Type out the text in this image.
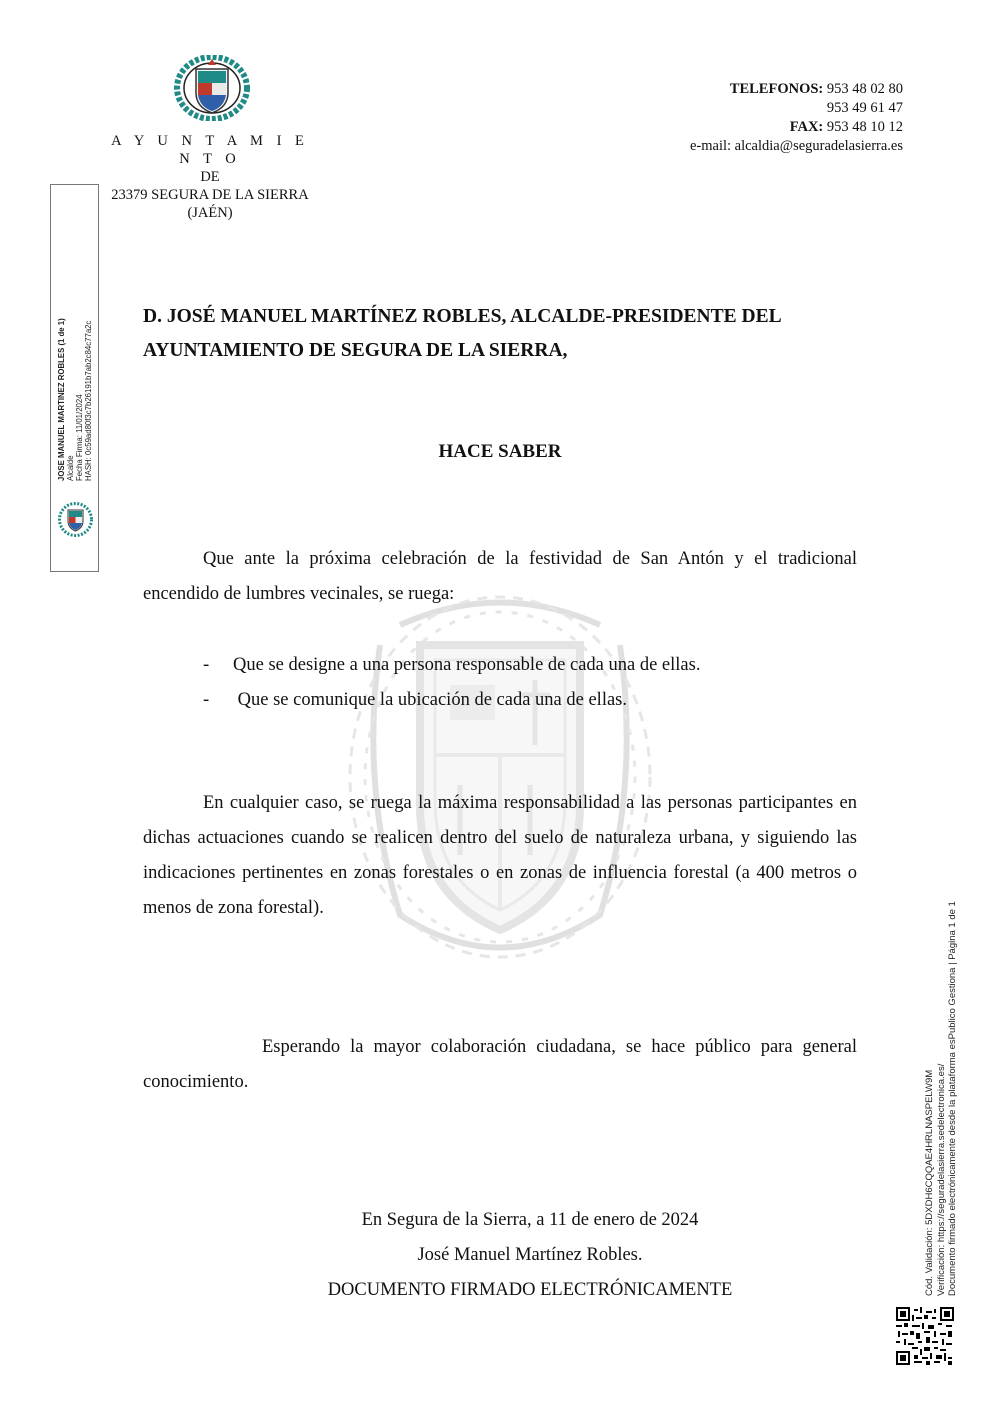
A Y U N T A M I E N T O
DE
23379 SEGURA DE LA SIERRA
(JAÉN)
TELEFONOS: 953 48 02 80
953 49 61 47
FAX: 953 48 10 12
e-mail: alcaldia@seguradelasierra.es
JOSE MANUEL MARTINEZ ROBLES (1 de 1) Alcalde Fecha Firma: 11/01/2024 HASH: 0c59ad80f3c7b26191b7ab2c84c77a2c
D. JOSÉ MANUEL MARTÍNEZ ROBLES, ALCALDE-PRESIDENTE DEL
AYUNTAMIENTO DE SEGURA DE LA SIERRA,
HACE SABER
Que ante la próxima celebración de la festividad de San Antón y el tradicional encendido de lumbres vecinales, se ruega:
-	Que se designe a una persona responsable de cada una de ellas.
-	Que se comunique la ubicación de cada una de ellas.
En cualquier caso, se ruega la máxima responsabilidad a las personas participantes en dichas actuaciones cuando se realicen dentro del suelo de naturaleza urbana, y siguiendo las indicaciones pertinentes en zonas forestales o en zonas de influencia forestal (a 400 metros o menos de zona forestal).
Esperando la mayor colaboración ciudadana, se hace público para general conocimiento.
En Segura de la Sierra, a 11 de enero de 2024
José Manuel Martínez Robles.
DOCUMENTO FIRMADO ELECTRÓNICAMENTE	Cód. Validación: 5DXDH6CQQAE4HRLNASPELW9M Verificación: https://seguradelasierra.sedelectronica.es/ Documento firmado electrónicamente desde la plataforma esPublico Gestiona | Página 1 de 1
